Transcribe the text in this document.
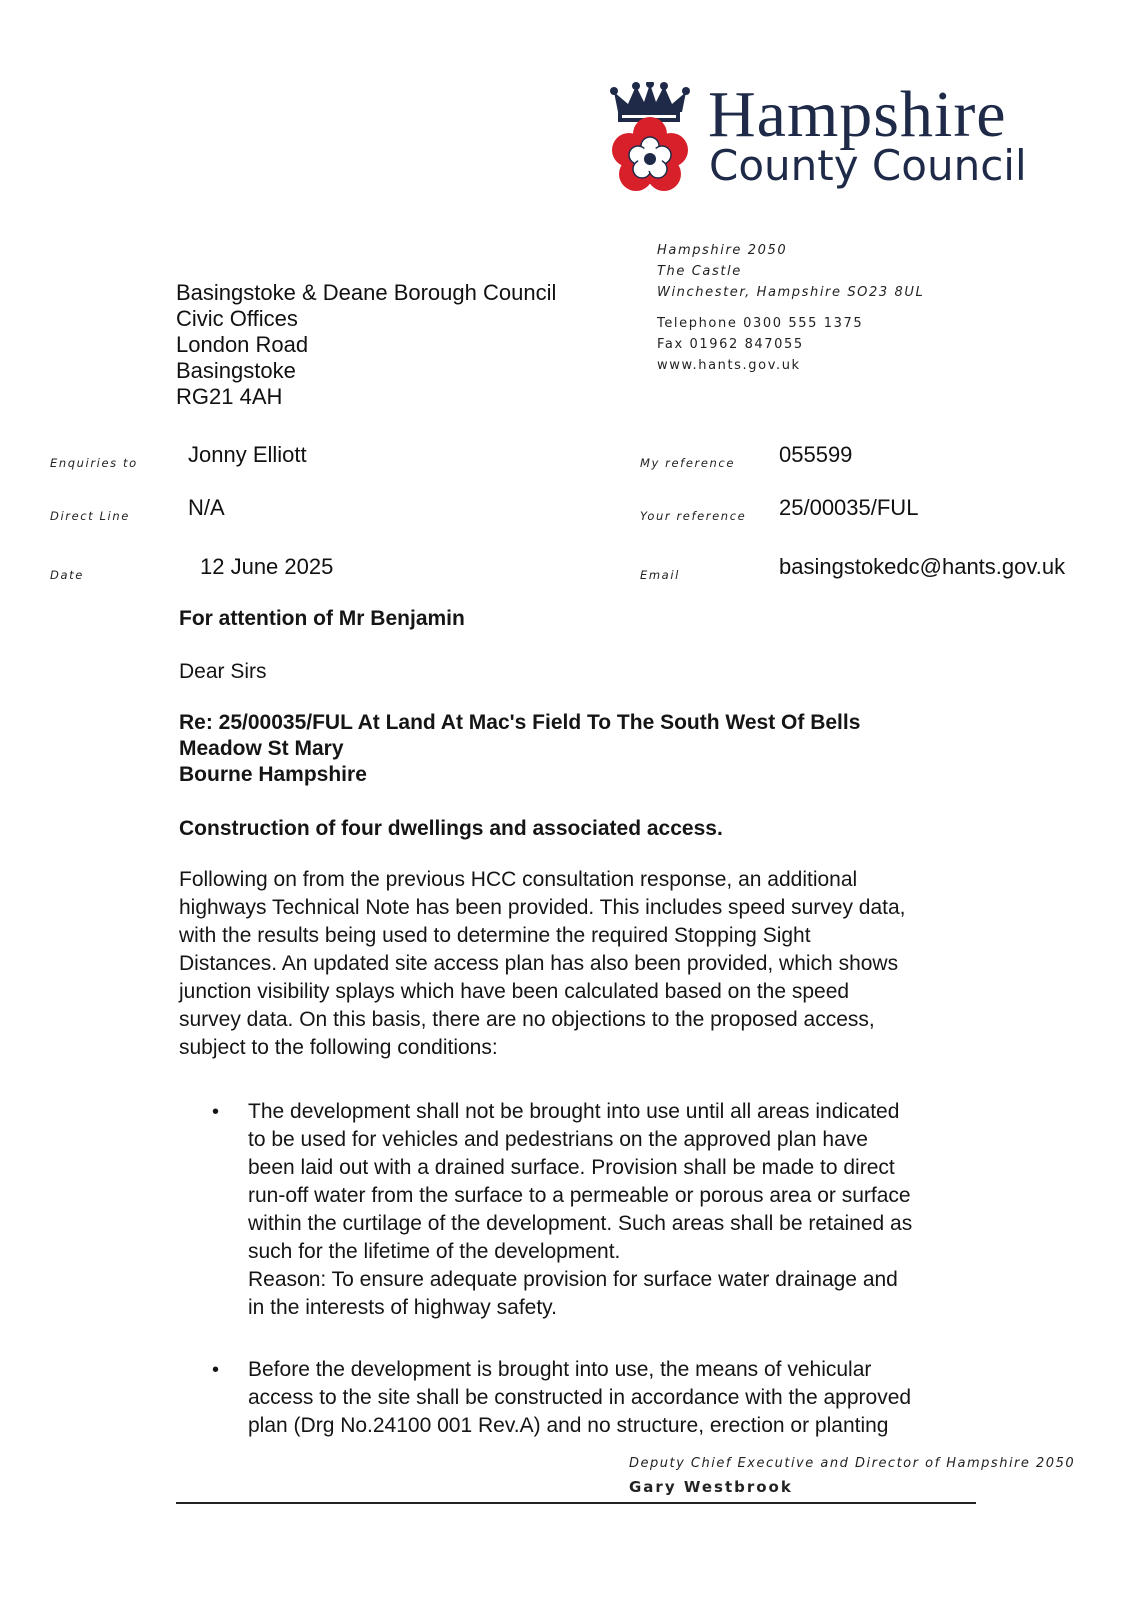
Hampshire
County Council
Hampshire 2050
The Castle
Winchester, Hampshire SO23 8UL
Telephone 0300 555 1375
Fax 01962 847055
www.hants.gov.uk
Basingstoke & Deane Borough Council
Civic Offices
London Road
Basingstoke
RG21 4AH
Enquiries to Jonny Elliott	My reference 055599
Direct Line	N/A	Your reference 25/00035/FUL
Date	12 June 2025	Email	basingstokedc@hants.gov.uk
For attention of Mr Benjamin
Dear Sirs
Re: 25/00035/FUL At Land At Mac's Field To The South West Of Bells
Meadow St Mary
Bourne Hampshire
Construction of four dwellings and associated access.
Following on from the previous HCC consultation response, an additional
highways Technical Note has been provided. This includes speed survey data,
with the results being used to determine the required Stopping Sight
Distances. An updated site access plan has also been provided, which shows
junction visibility splays which have been calculated based on the speed
survey data. On this basis, there are no objections to the proposed access,
subject to the following conditions:
• The development shall not be brought into use until all areas indicated
to be used for vehicles and pedestrians on the approved plan have
been laid out with a drained surface. Provision shall be made to direct
run-off water from the surface to a permeable or porous area or surface
within the curtilage of the development. Such areas shall be retained as
such for the lifetime of the development.
Reason: To ensure adequate provision for surface water drainage and
in the interests of highway safety.
• Before the development is brought into use, the means of vehicular
access to the site shall be constructed in accordance with the approved
plan (Drg No.24100 001 Rev.A) and no structure, erection or planting
Deputy Chief Executive and Director of Hampshire 2050
Gary Westbrook
